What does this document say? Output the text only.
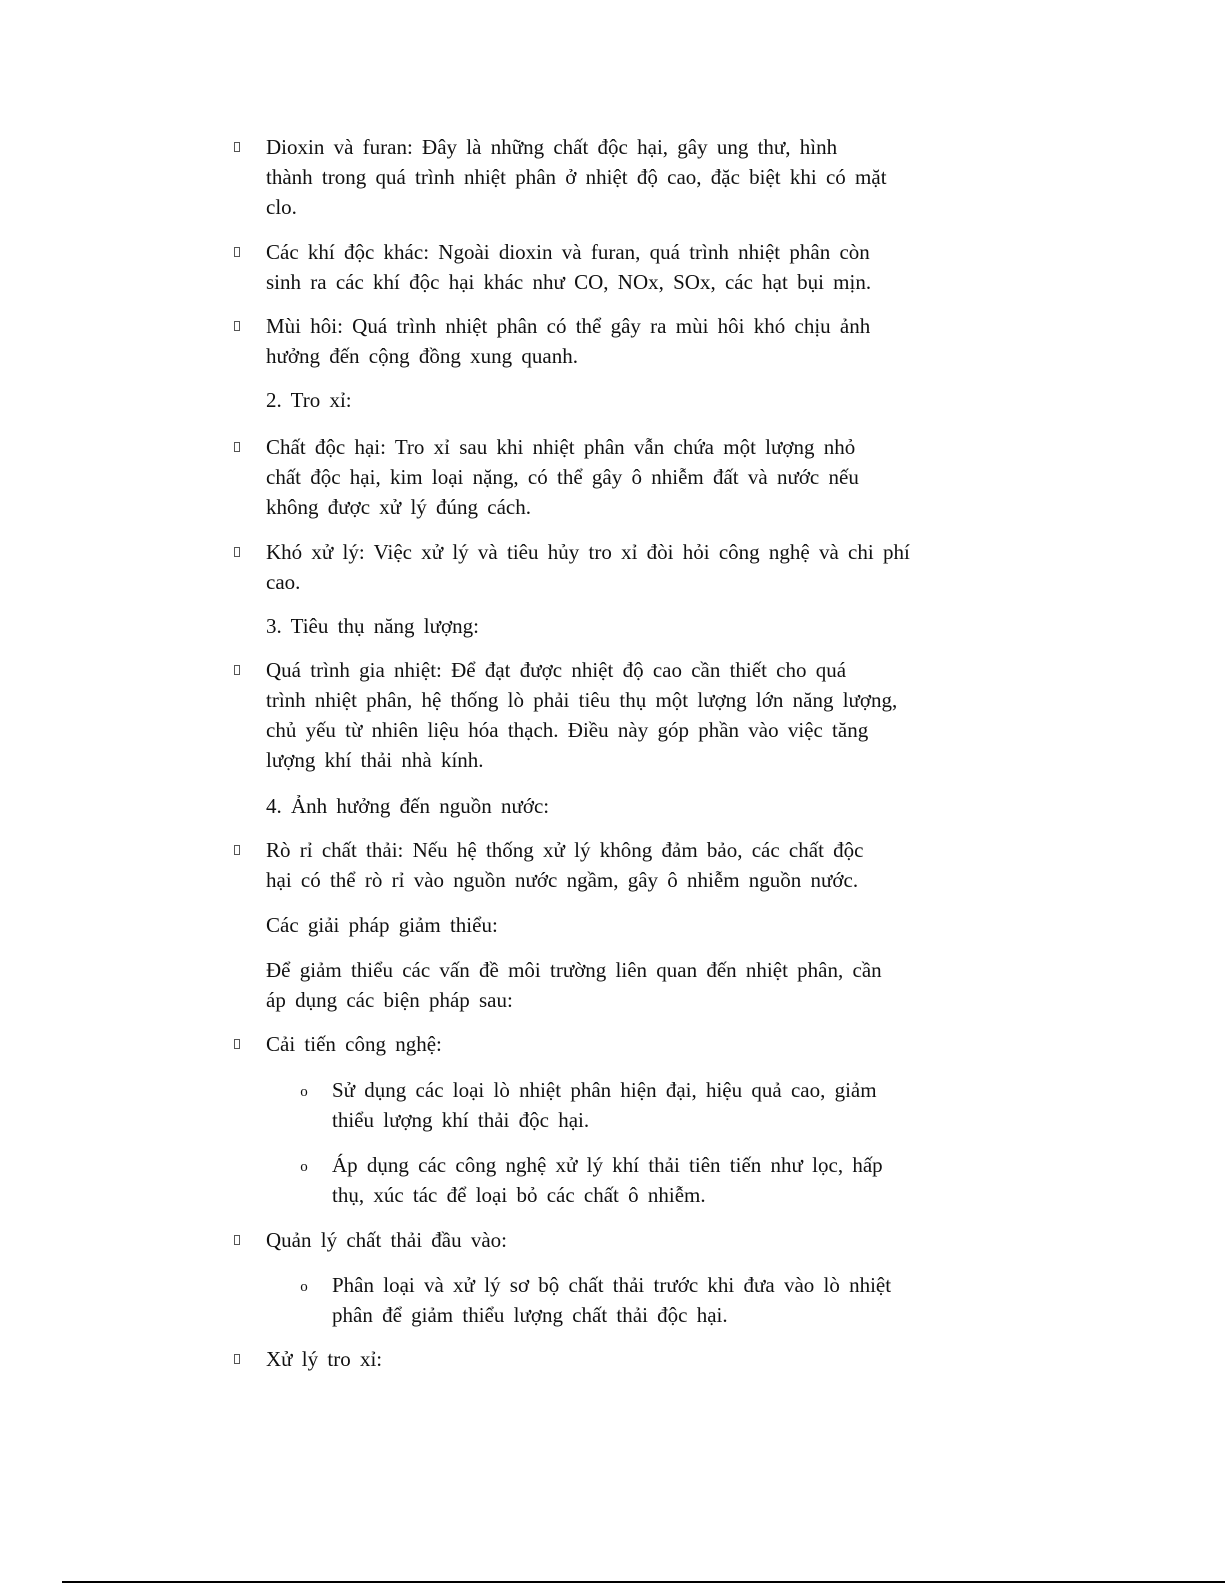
Dioxin và furan: Đây là những chất độc hại, gây ung thư, hình
thành trong quá trình nhiệt phân ở nhiệt độ cao, đặc biệt khi có mặt
clo.
Các khí độc khác: Ngoài dioxin và furan, quá trình nhiệt phân còn
sinh ra các khí độc hại khác như CO, NOx, SOx, các hạt bụi mịn.
Mùi hôi: Quá trình nhiệt phân có thể gây ra mùi hôi khó chịu ảnh
hưởng đến cộng đồng xung quanh.
2. Tro xỉ:
Chất độc hại: Tro xỉ sau khi nhiệt phân vẫn chứa một lượng nhỏ
chất độc hại, kim loại nặng, có thể gây ô nhiễm đất và nước nếu
không được xử lý đúng cách.
Khó xử lý: Việc xử lý và tiêu hủy tro xỉ đòi hỏi công nghệ và chi phí
cao.
3. Tiêu thụ năng lượng:
Quá trình gia nhiệt: Để đạt được nhiệt độ cao cần thiết cho quá
trình nhiệt phân, hệ thống lò phải tiêu thụ một lượng lớn năng lượng,
chủ yếu từ nhiên liệu hóa thạch. Điều này góp phần vào việc tăng
lượng khí thải nhà kính.
4. Ảnh hưởng đến nguồn nước:
Rò rỉ chất thải: Nếu hệ thống xử lý không đảm bảo, các chất độc
hại có thể rò rỉ vào nguồn nước ngầm, gây ô nhiễm nguồn nước.
Các giải pháp giảm thiểu:
Để giảm thiểu các vấn đề môi trường liên quan đến nhiệt phân, cần
áp dụng các biện pháp sau:
Cải tiến công nghệ:
o Sử dụng các loại lò nhiệt phân hiện đại, hiệu quả cao, giảm
thiểu lượng khí thải độc hại.
o Áp dụng các công nghệ xử lý khí thải tiên tiến như lọc, hấp
thụ, xúc tác để loại bỏ các chất ô nhiễm.
Quản lý chất thải đầu vào:
o Phân loại và xử lý sơ bộ chất thải trước khi đưa vào lò nhiệt
phân để giảm thiểu lượng chất thải độc hại.
Xử lý tro xỉ:
